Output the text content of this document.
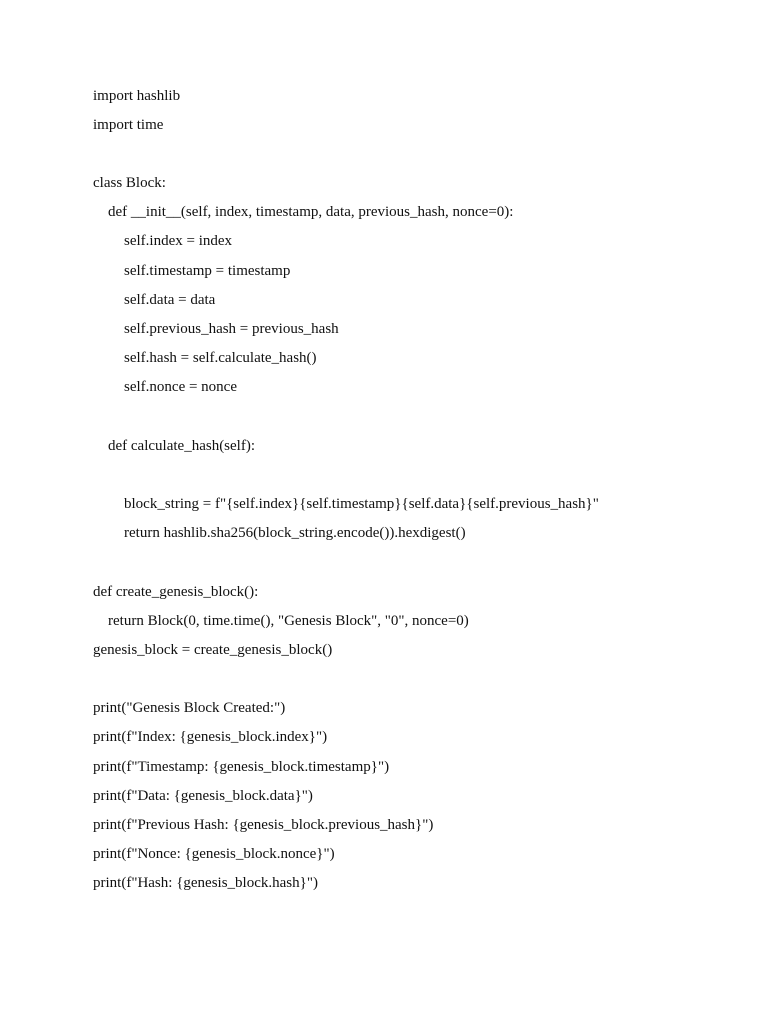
import hashlib
import time
class Block:
def __init__(self, index, timestamp, data, previous_hash, nonce=0):
self.index = index
self.timestamp = timestamp
self.data = data
self.previous_hash = previous_hash
self.hash = self.calculate_hash()
self.nonce = nonce
def calculate_hash(self):
block_string = f"{self.index}{self.timestamp}{self.data}{self.previous_hash}"
return hashlib.sha256(block_string.encode()).hexdigest()
def create_genesis_block():
return Block(0, time.time(), "Genesis Block", "0", nonce=0)
genesis_block = create_genesis_block()
print("Genesis Block Created:")
print(f"Index: {genesis_block.index}")
print(f"Timestamp: {genesis_block.timestamp}")
print(f"Data: {genesis_block.data}")
print(f"Previous Hash: {genesis_block.previous_hash}")
print(f"Nonce: {genesis_block.nonce}")
print(f"Hash: {genesis_block.hash}")
